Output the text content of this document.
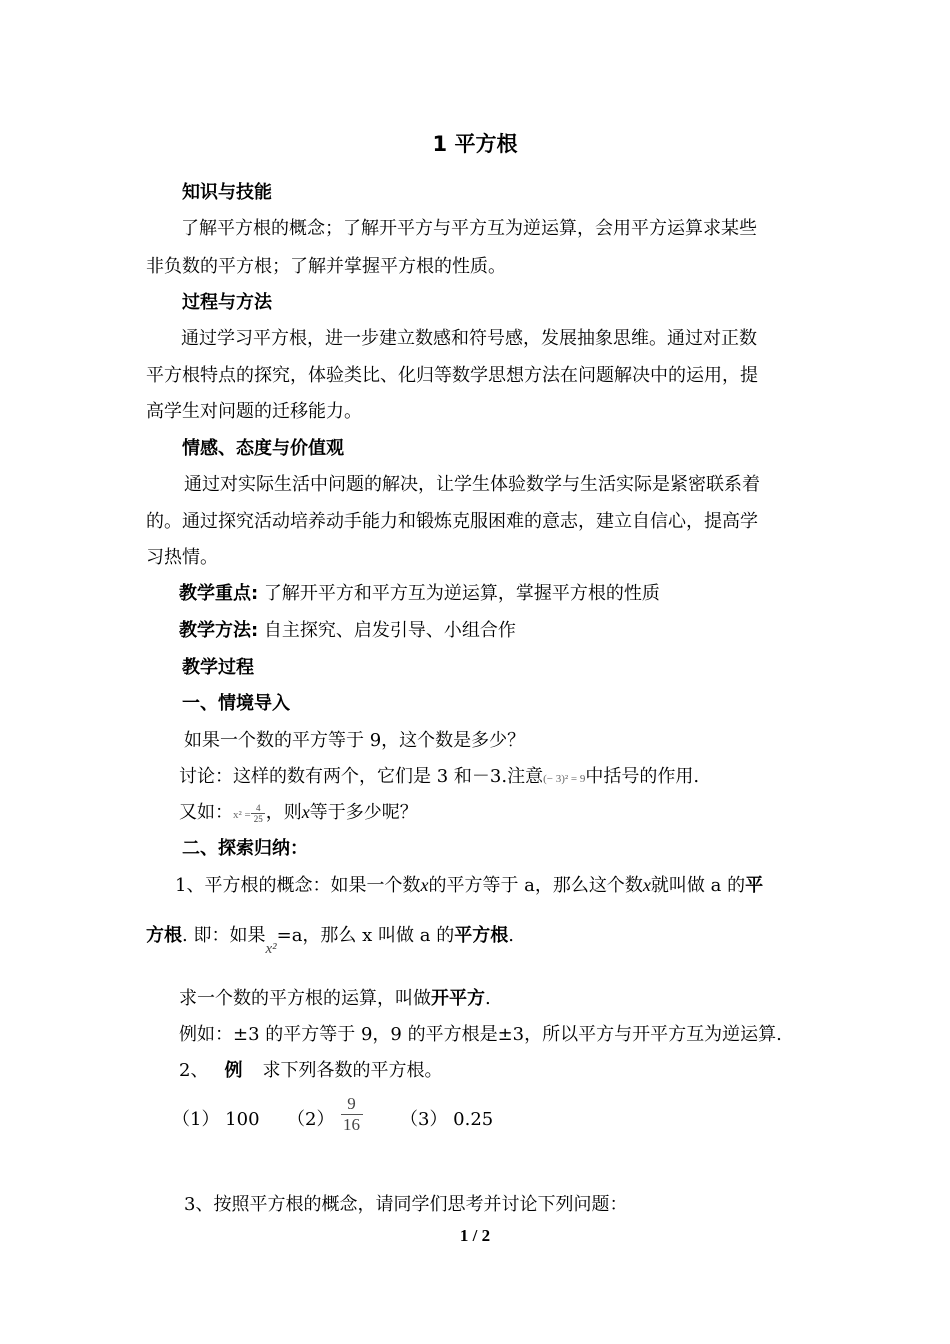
1 平方根
知识与技能
了解平方根的概念；了解开平方与平方互为逆运算，会用平方运算求某些
非负数的平方根；了解并掌握平方根的性质。
过程与方法
通过学习平方根，进一步建立数感和符号感，发展抽象思维。通过对正数
平方根特点的探究，体验类比、化归等数学思想方法在问题解决中的运用，提
高学生对问题的迁移能力。
情感、态度与价值观
通过对实际生活中问题的解决，让学生体验数学与生活实际是紧密联系着
的。通过探究活动培养动手能力和锻炼克服困难的意志，建立自信心，提高学
习热情。
教学重点: 了解开平方和平方互为逆运算，掌握平方根的性质
教学方法: 自主探究、启发引导、小组合作
教学过程
一、情境导入
如果一个数的平方等于 9，这个数是多少？
讨论：这样的数有两个，它们是 3 和－3.注意(− 3)² = 9中括号的作用.
又如：$x^2 = \frac{4}{25}$ ，则x等于多少呢？
二、探索归纳：
1、平方根的概念：如果一个数x的平方等于 a，那么这个数x就叫做 a 的平
方根. 即：如果$_{x^2}$=a，那么 x 叫做 a 的平方根.
求一个数的平方根的运算，叫做开平方.
例如：±3 的平方等于 9，9 的平方根是±3，所以平方与开平方互为逆运算.
2、 例 求下列各数的平方根。
（1） 100 $(2) \frac{9}{16} (3)$ 0.25
3、按照平方根的概念，请同学们思考并讨论下列问题：
1 / 2
